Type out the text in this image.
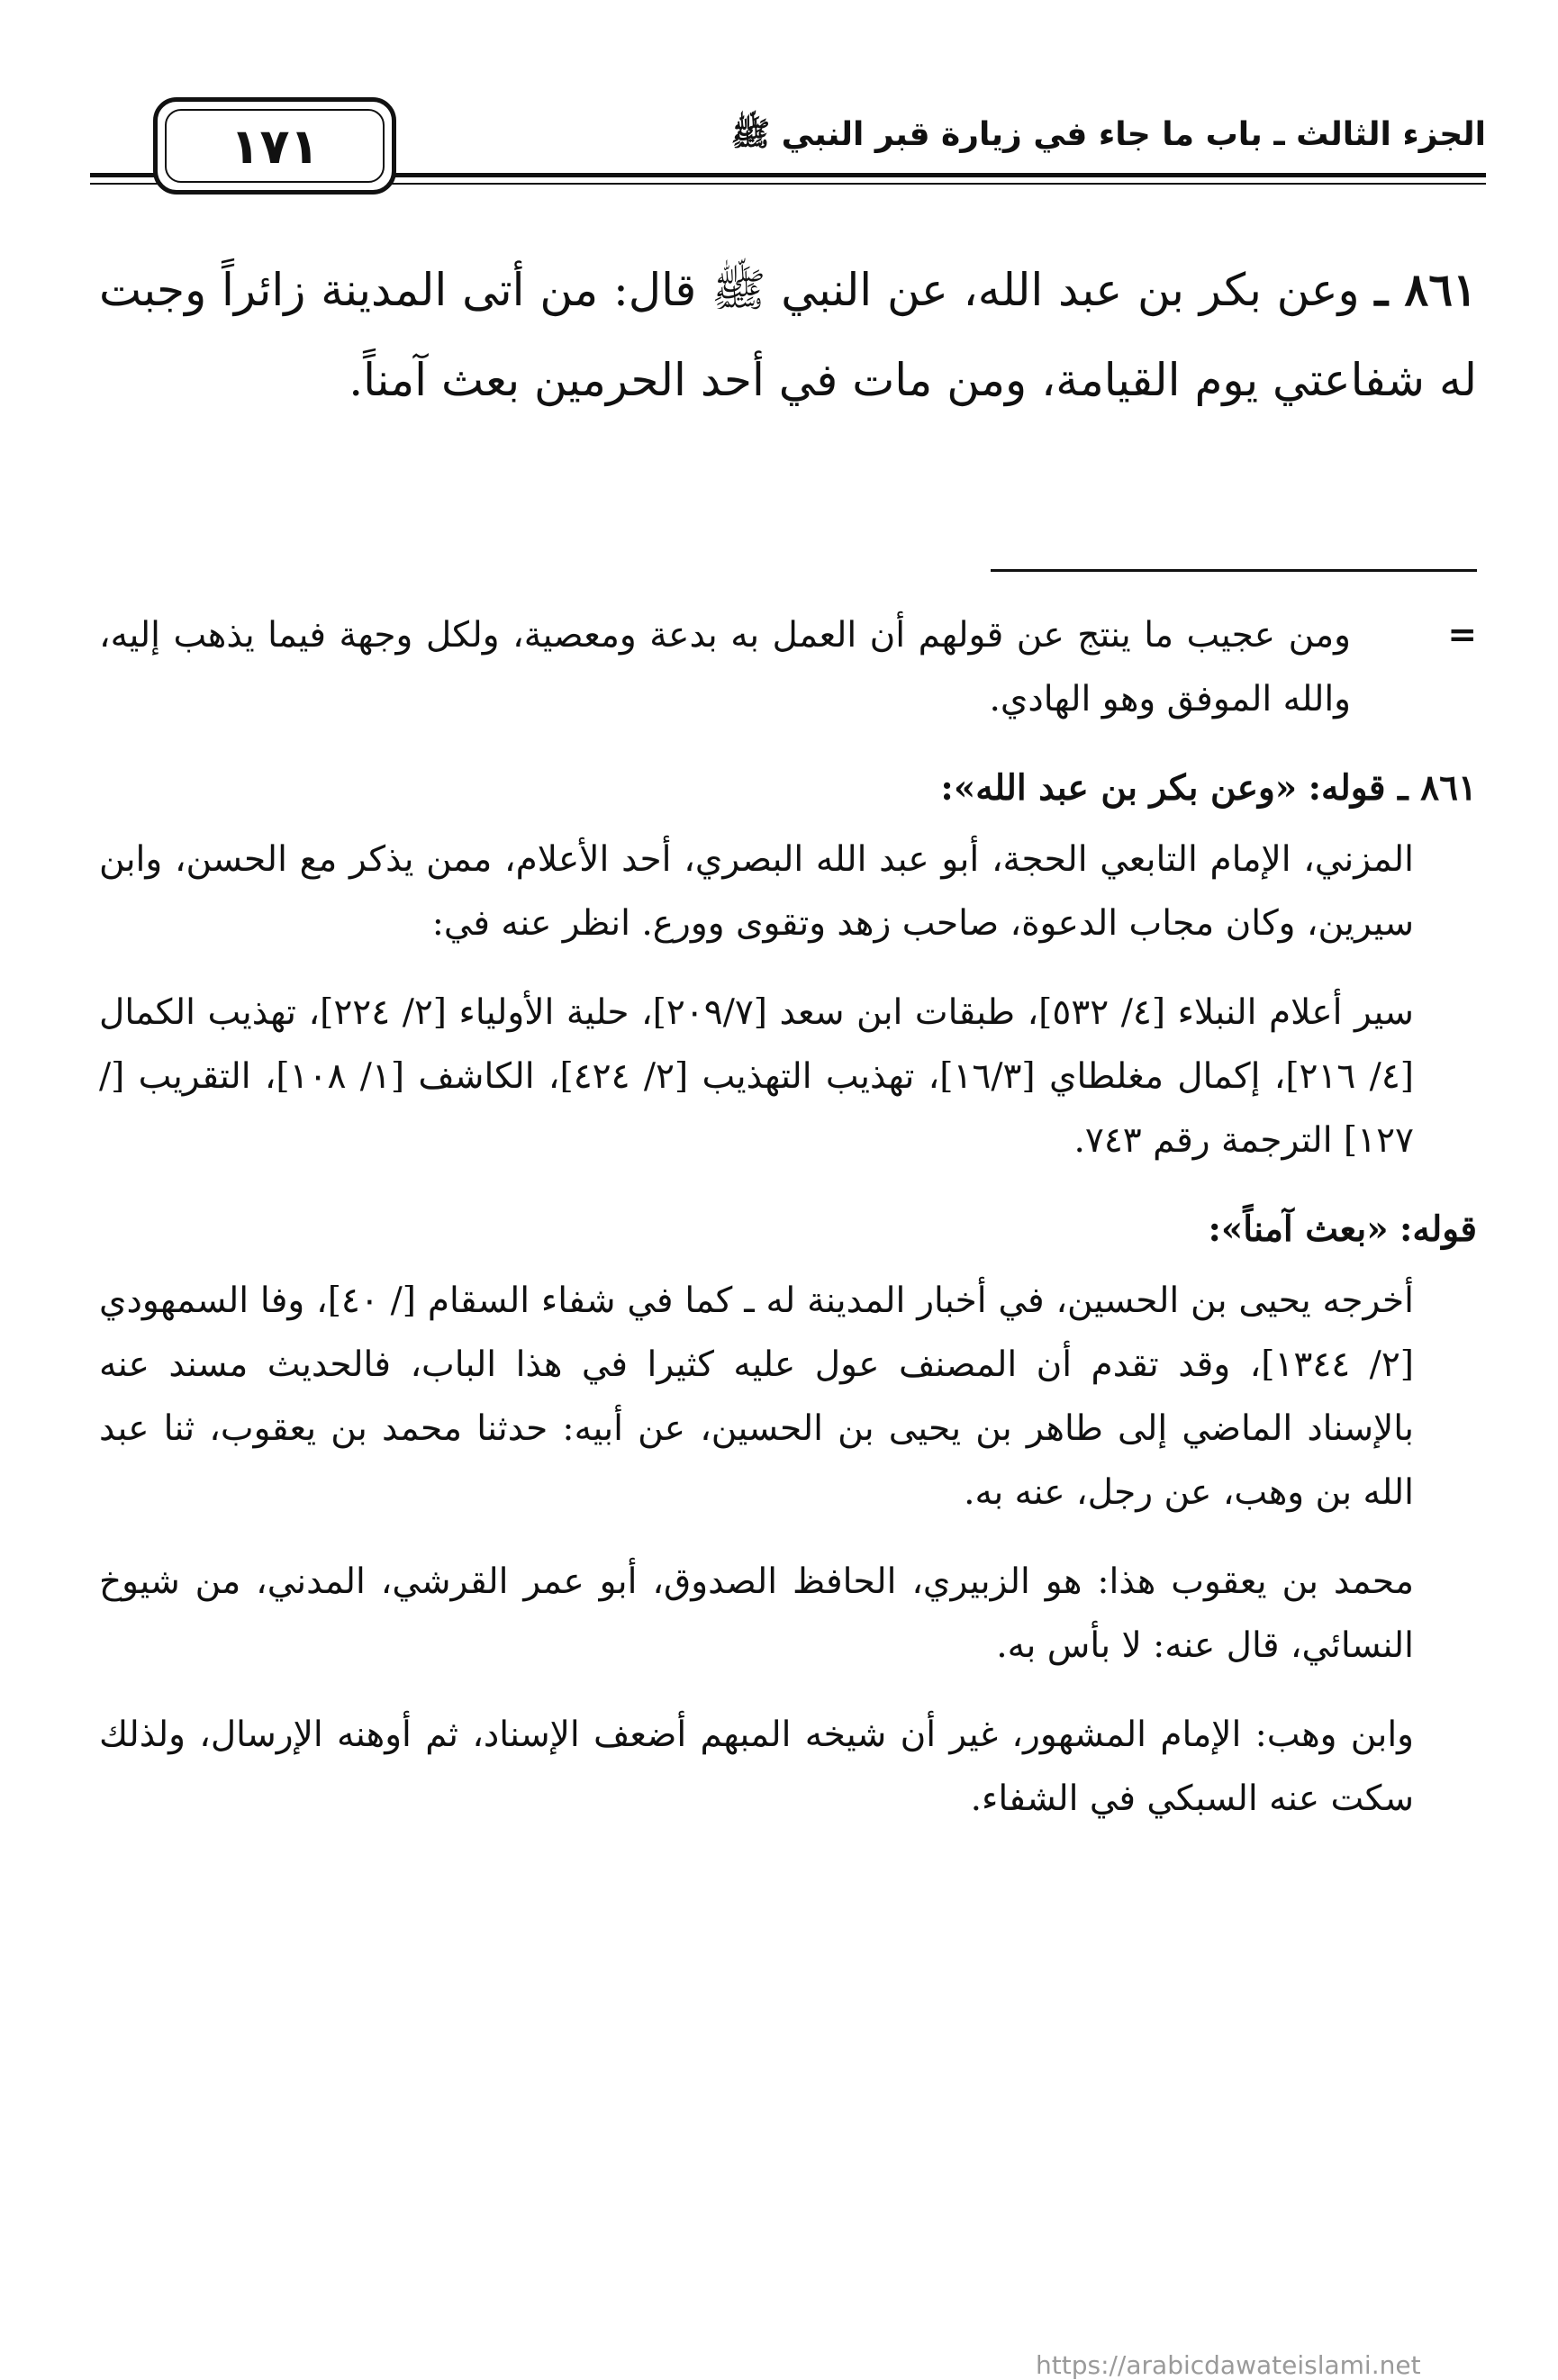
الجزء الثالث ـ باب ما جاء في زيارة قبر النبي ﷺ
١٧١
٨٦١ ـ وعن بكر بن عبد الله، عن النبي ﷺ قال: من أتى المدينة زائراً وجبت له شفاعتي يوم القيامة، ومن مات في أحد الحرمين بعث آمناً.
=
ومن عجيب ما ينتج عن قولهم أن العمل به بدعة ومعصية، ولكل وجهة فيما يذهب إليه، والله الموفق وهو الهادي.
٨٦١ ـ قوله: «وعن بكر بن عبد الله»:
المزني، الإمام التابعي الحجة، أبو عبد الله البصري، أحد الأعلام، ممن يذكر مع الحسن، وابن سيرين، وكان مجاب الدعوة، صاحب زهد وتقوى وورع. انظر عنه في:
سير أعلام النبلاء [٤/ ٥٣٢]، طبقات ابن سعد [٢٠٩/٧]، حلية الأولياء [٢/ ٢٢٤]، تهذيب الكمال [٤/ ٢١٦]، إكمال مغلطاي [١٦/٣]، تهذيب التهذيب [٢/ ٤٢٤]، الكاشف [١/ ١٠٨]، التقريب [/ ١٢٧] الترجمة رقم ٧٤٣.
قوله: «بعث آمناً»:
أخرجه يحيى بن الحسين، في أخبار المدينة له ـ كما في شفاء السقام [/ ٤٠]، وفا السمهودي [٢/ ١٣٤٤]، وقد تقدم أن المصنف عول عليه كثيرا في هذا الباب، فالحديث مسند عنه بالإسناد الماضي إلى طاهر بن يحيى بن الحسين، عن أبيه: حدثنا محمد بن يعقوب، ثنا عبد الله بن وهب، عن رجل، عنه به.
محمد بن يعقوب هذا: هو الزبيري، الحافظ الصدوق، أبو عمر القرشي، المدني، من شيوخ النسائي، قال عنه: لا بأس به.
وابن وهب: الإمام المشهور، غير أن شيخه المبهم أضعف الإسناد، ثم أوهنه الإرسال، ولذلك سكت عنه السبكي في الشفاء.
https://arabicdawateislami.net
